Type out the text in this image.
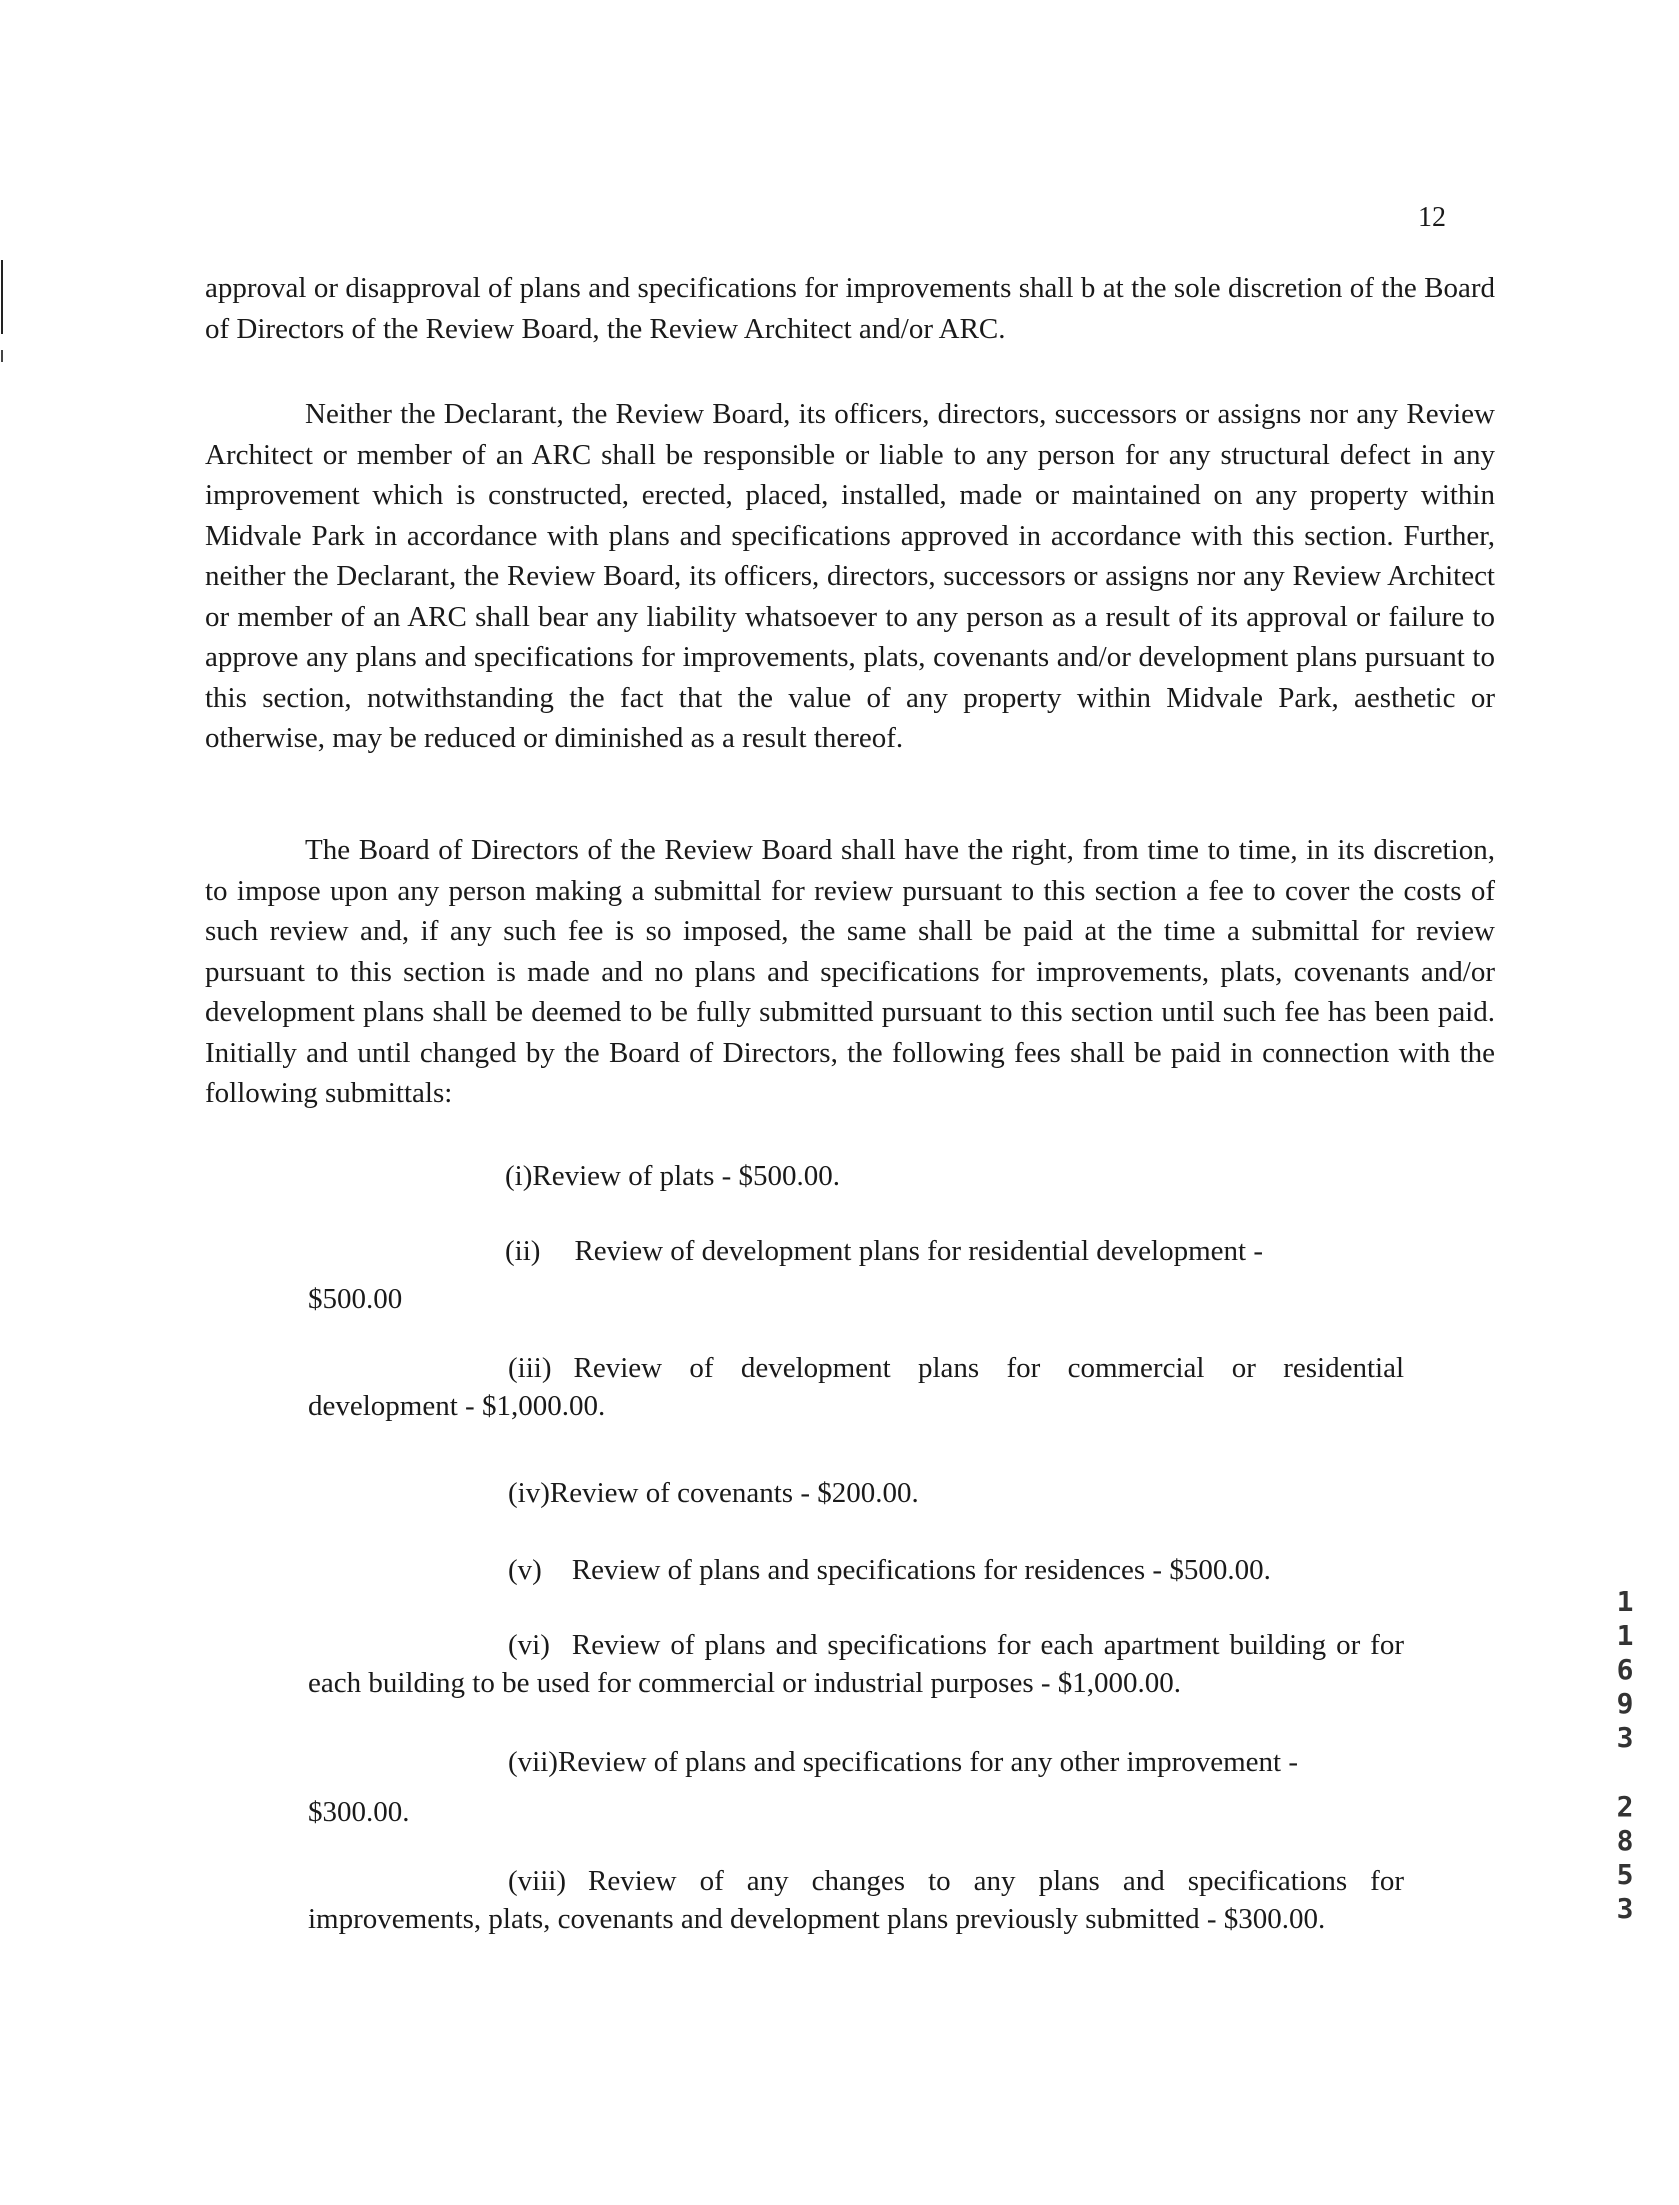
12
approval or disapproval of plans and specifications for improvements shall b at the sole discretion of the Board of Directors of the Review Board, the Review Architect and/or ARC.
Neither the Declarant, the Review Board, its officers, directors, successors or assigns nor any Review Architect or member of an ARC shall be responsible or liable to any person for any structural defect in any improvement which is constructed, erected, placed, installed, made or maintained on any property within Midvale Park in accordance with plans and specifications approved in accordance with this section. Further, neither the Declarant, the Review Board, its officers, directors, successors or assigns nor any Review Architect or member of an ARC shall bear any liability whatsoever to any person as a result of its approval or failure to approve any plans and specifications for improvements, plats, covenants and/or development plans pursuant to this section, notwithstanding the fact that the value of any property within Midvale Park, aesthetic or otherwise, may be reduced or diminished as a result thereof.
The Board of Directors of the Review Board shall have the right, from time to time, in its discretion, to impose upon any person making a submittal for review pursuant to this section a fee to cover the costs of such review and, if any such fee is so imposed, the same shall be paid at the time a submittal for review pursuant to this section is made and no plans and specifications for improvements, plats, covenants and/or development plans shall be deemed to be fully submitted pursuant to this section until such fee has been paid. Initially and until changed by the Board of Directors, the following fees shall be paid in connection with the following submittals:
(i)Review of plats - $500.00.
(ii) Review of development plans for residential development -
$500.00
(iii) Review of development plans for commercial or residential development - $1,000.00.
(iv)Review of covenants - $200.00.
(v) Review of plans and specifications for residences - $500.00.
(vi) Review of plans and specifications for each apartment building or for each building to be used for commercial or industrial purposes - $1,000.00.
(vii)Review of plans and specifications for any other improvement -
$300.00.
(viii) Review of any changes to any plans and specifications for improvements, plats, covenants and development plans previously submitted - $300.00.
11693
2853
